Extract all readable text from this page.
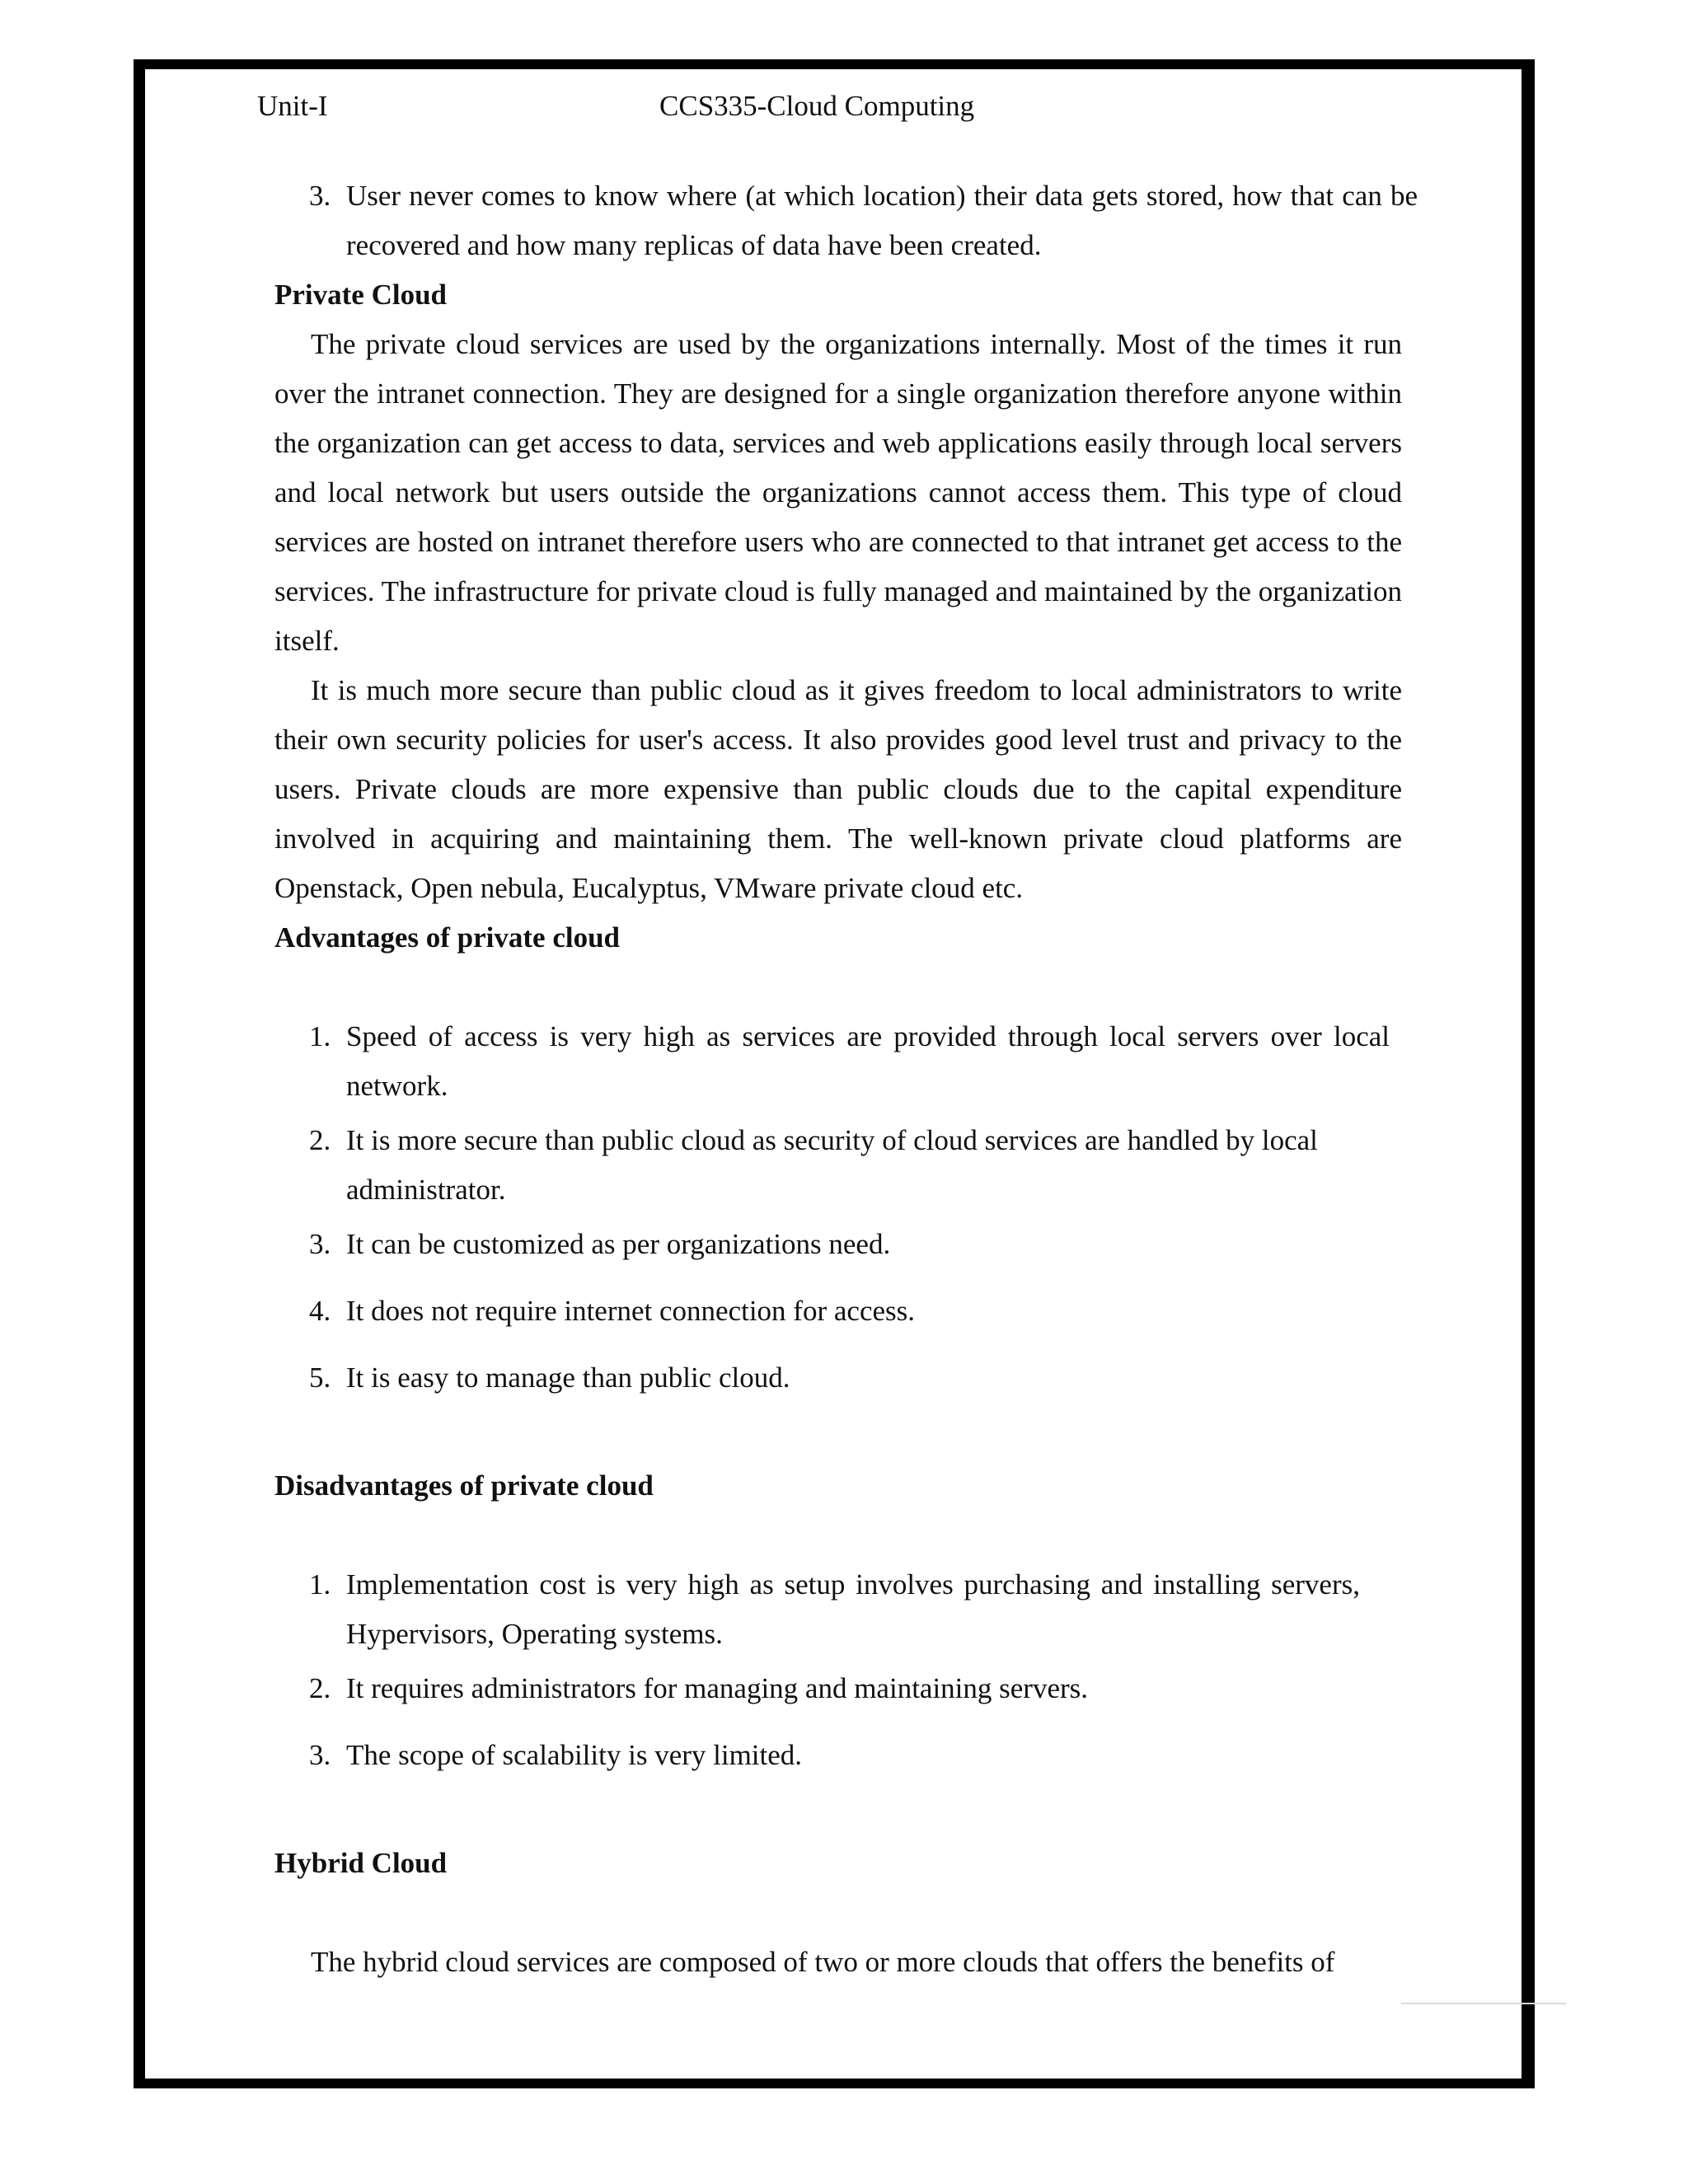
Unit-I	CCS335-Cloud Computing
3. User never comes to know where (at which location) their data gets stored, how that can be recovered and how many replicas of data have been created.
Private Cloud
The private cloud services are used by the organizations internally. Most of the times it run over the intranet connection. They are designed for a single organization therefore anyone within the organization can get access to data, services and web applications easily through local servers and local network but users outside the organizations cannot access them. This type of cloud services are hosted on intranet therefore users who are connected to that intranet get access to the services. The infrastructure for private cloud is fully managed and maintained by the organization itself.
It is much more secure than public cloud as it gives freedom to local administrators to write their own security policies for user's access. It also provides good level trust and privacy to the users. Private clouds are more expensive than public clouds due to the capital expenditure involved in acquiring and maintaining them. The well-known private cloud platforms are Openstack, Open nebula, Eucalyptus, VMware private cloud etc.
Advantages of private cloud
1. Speed of access is very high as services are provided through local servers over local network.
2. It is more secure than public cloud as security of cloud services are handled by local administrator.
3. It can be customized as per organizations need.
4. It does not require internet connection for access.
5. It is easy to manage than public cloud.
Disadvantages of private cloud
1. Implementation cost is very high as setup involves purchasing and installing servers, Hypervisors, Operating systems.
2. It requires administrators for managing and maintaining servers.
3. The scope of scalability is very limited.
Hybrid Cloud
The hybrid cloud services are composed of two or more clouds that offers the benefits of
